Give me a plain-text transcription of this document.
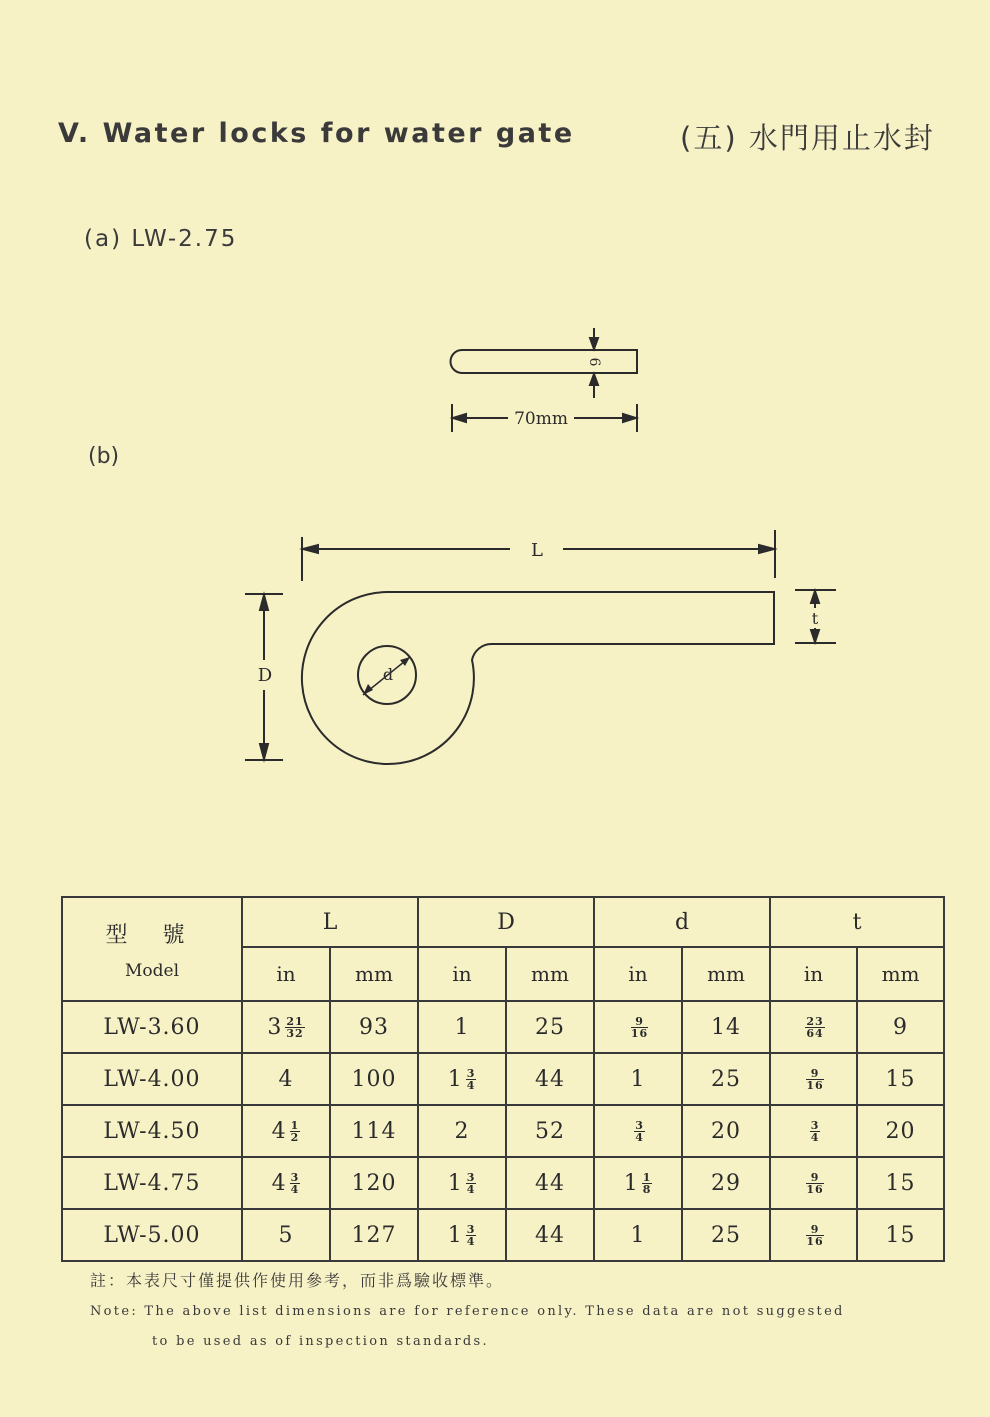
V. Water locks for water gate	(五) 水門用止水封
(a) LW-2.75
(b)
6
70mm
L
D	d
t
型 號
Model	L		D		d		t	
	in	mm	in	mm	in	mm	in	mm
LW-3.60	$3 \frac{21}{32}$	93	1	25	$\frac{9}{16}$	14	$\frac{23}{64}$	9
LW-4.00	4	100	$1 \frac{3}{4}$	44	1	25	$\frac{9}{16}$	15
LW-4.50	$4 \frac{1}{2}$	114	2	52	$\frac{3}{4}$	20	$\frac{3}{4}$	20
LW-4.75	$4 \frac{3}{4}$	120	$1 \frac{3}{4}$	44	$1 \frac{1}{8}$	29	$\frac{9}{16}$	15
LW-5.00	5	127	$1 \frac{3}{4}$	44	1	25	$\frac{9}{16}$	15
註：本表尺寸僅提供作使用參考，而非爲驗收標準。
Note: The above list dimensions are for reference only. These data are not suggested
to be used as of inspection standards.
